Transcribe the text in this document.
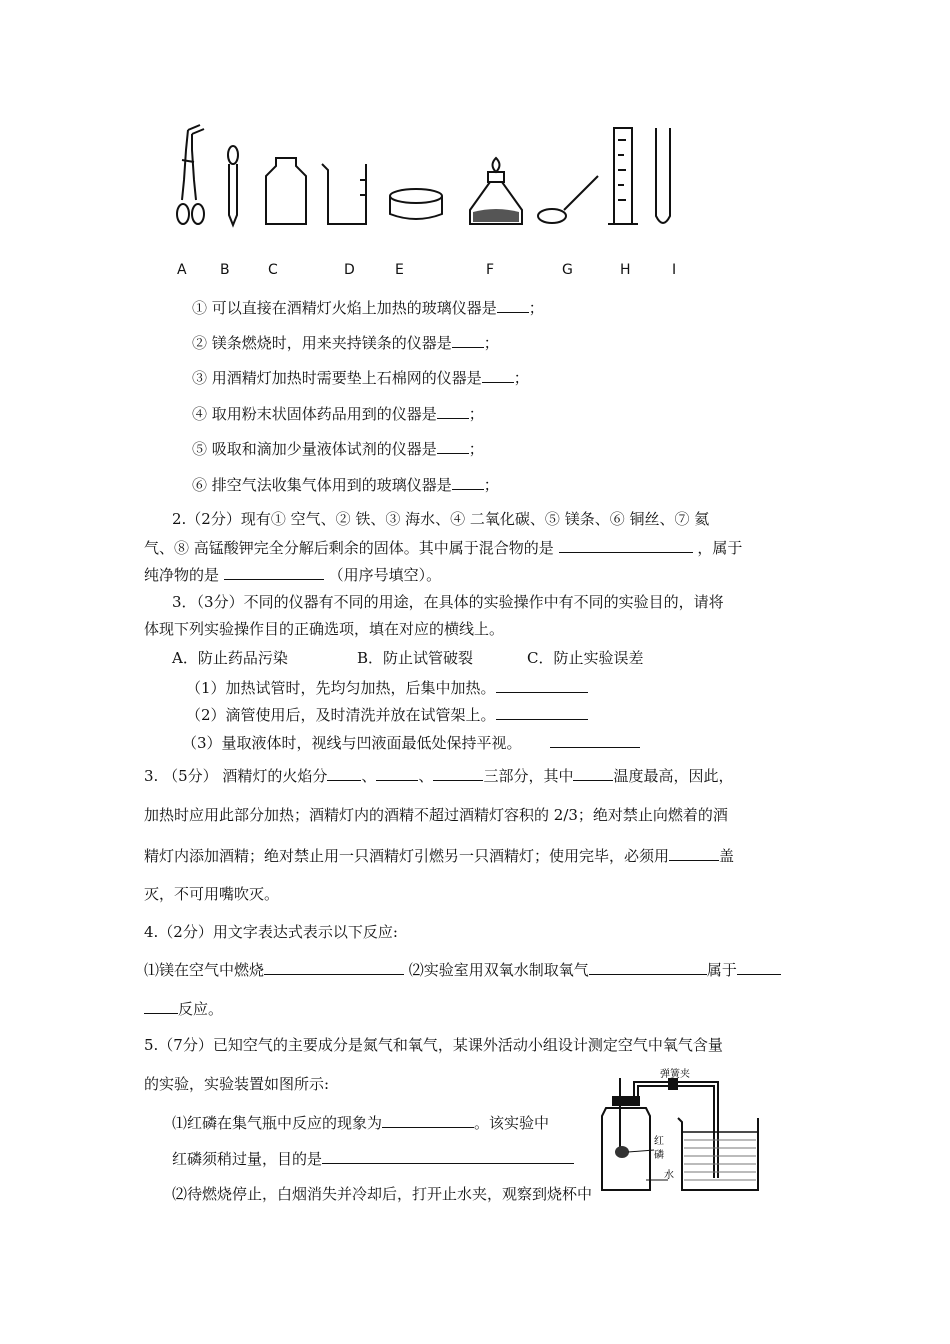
A B	C	D	E	F	G	H	I
① 可以直接在酒精灯火焰上加热的玻璃仪器是 ；
② 镁条燃烧时，用来夹持镁条的仪器是 ；
③ 用酒精灯加热时需要垫上石棉网的仪器是 ；
④ 取用粉末状固体药品用到的仪器是 ；
⑤ 吸取和滴加少量液体试剂的仪器是 ；
⑥ 排空气法收集气体用到的玻璃仪器是 ；
2.（2分）现有① 空气、② 铁、③ 海水、④ 二氧化碳、⑤ 镁条、⑥ 铜丝、⑦ 氦
气、⑧ 高锰酸钾完全分解后剩余的固体。其中属于混合物的是	，属于
纯净物的是	（用序号填空）。
3．（3分）不同的仪器有不同的用途，在具体的实验操作中有不同的实验目的，请将
体现下列实验操作目的正确选项，填在对应的横线上。
A．防止药品污染	B．防止试管破裂	C．防止实验误差
（1）加热试管时，先均匀加热，后集中加热。
（2）滴管使用后，及时清洗并放在试管架上。
（3）量取液体时，视线与凹液面最低处保持平视。
3. （5分） 酒精灯的火焰分 、	、	三部分，其中	温度最高，因此，
加热时应用此部分加热；酒精灯内的酒精不超过酒精灯容积的 2/3；绝对禁止向燃着的酒
精灯内添加酒精；绝对禁止用一只酒精灯引燃另一只酒精灯；使用完毕，必须用	盖
灭，不可用嘴吹灭。
4.（2分）用文字表达式表示以下反应:
⑴镁在空气中燃烧	⑵实验室用双氧水制取氧气	属于
反应。
5.（7分）已知空气的主要成分是氮气和氧气，某课外活动小组设计测定空气中氧气含量
的实验，实验装置如图所示:
⑴红磷在集气瓶中反应的现象为	。该实验中
红磷须稍过量，目的是
⑵待燃烧停止，白烟消失并冷却后，打开止水夹，观察到烧杯中
弹簧夹
红
磷
水
